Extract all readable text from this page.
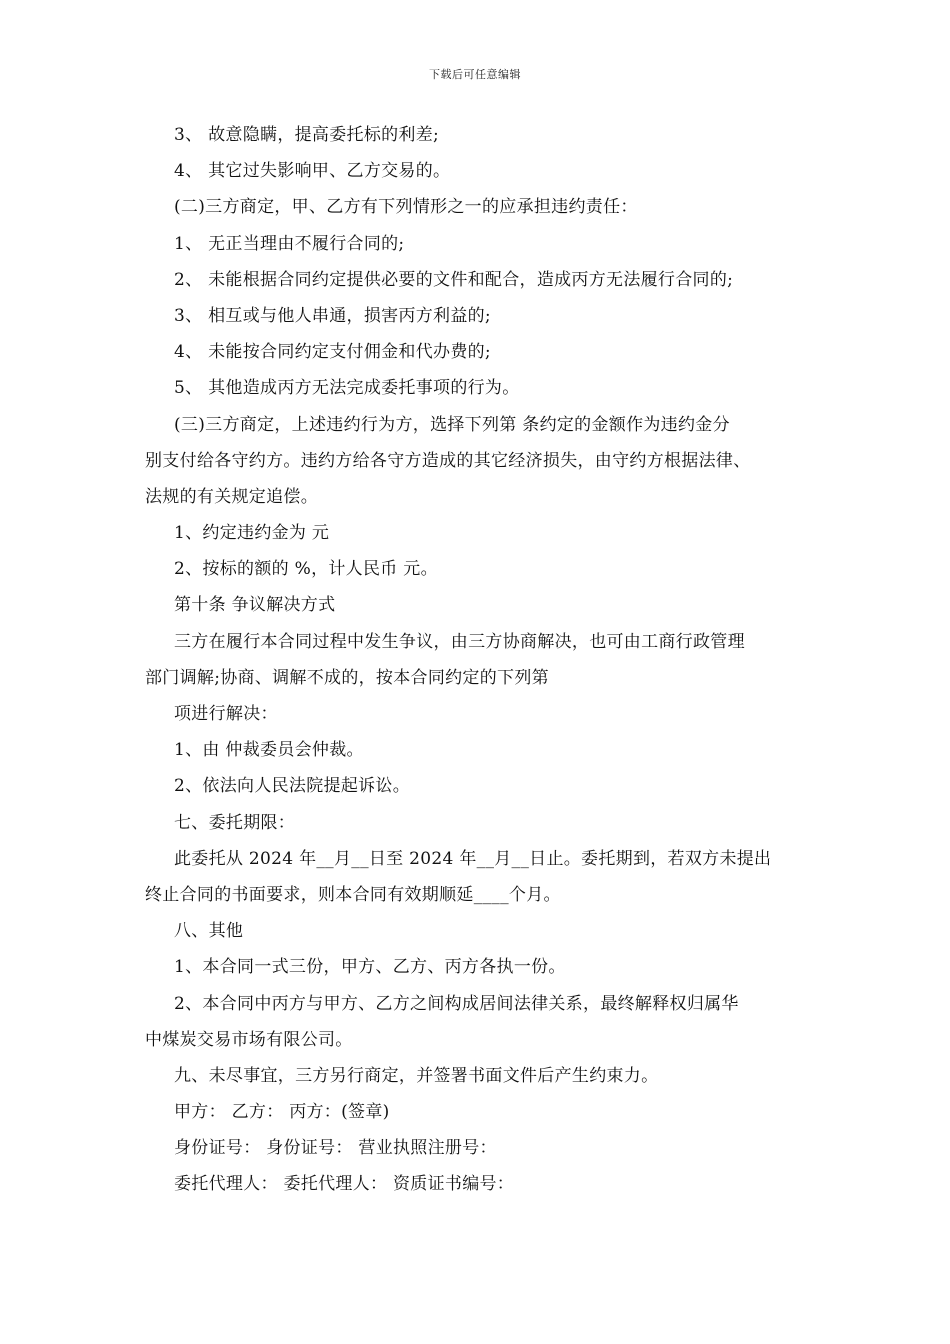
下载后可任意编辑
3、 故意隐瞒，提高委托标的利差;
4、 其它过失影响甲、乙方交易的。
(二)三方商定，甲、乙方有下列情形之一的应承担违约责任：
1、 无正当理由不履行合同的;
2、 未能根据合同约定提供必要的文件和配合，造成丙方无法履行合同的;
3、 相互或与他人串通，损害丙方利益的;
4、 未能按合同约定支付佣金和代办费的;
5、 其他造成丙方无法完成委托事项的行为。
(三)三方商定，上述违约行为方，选择下列第 条约定的金额作为违约金分
别支付给各守约方。违约方给各守方造成的其它经济损失，由守约方根据法律、
法规的有关规定追偿。
1、约定违约金为 元
2、按标的额的 %，计人民币 元。
第十条 争议解决方式
三方在履行本合同过程中发生争议，由三方协商解决，也可由工商行政管理
部门调解;协商、调解不成的，按本合同约定的下列第
项进行解决：
1、由 仲裁委员会仲裁。
2、依法向人民法院提起诉讼。
七、委托期限：
此委托从 2024 年__月__日至 2024 年__月__日止。委托期到，若双方未提出
终止合同的书面要求，则本合同有效期顺延____个月。
八、其他
1、本合同一式三份，甲方、乙方、丙方各执一份。
2、本合同中丙方与甲方、乙方之间构成居间法律关系，最终解释权归属华
中煤炭交易市场有限公司。
九、未尽事宜，三方另行商定，并签署书面文件后产生约束力。
甲方： 乙方： 丙方：(签章)
身份证号： 身份证号： 营业执照注册号：
委托代理人： 委托代理人： 资质证书编号：
